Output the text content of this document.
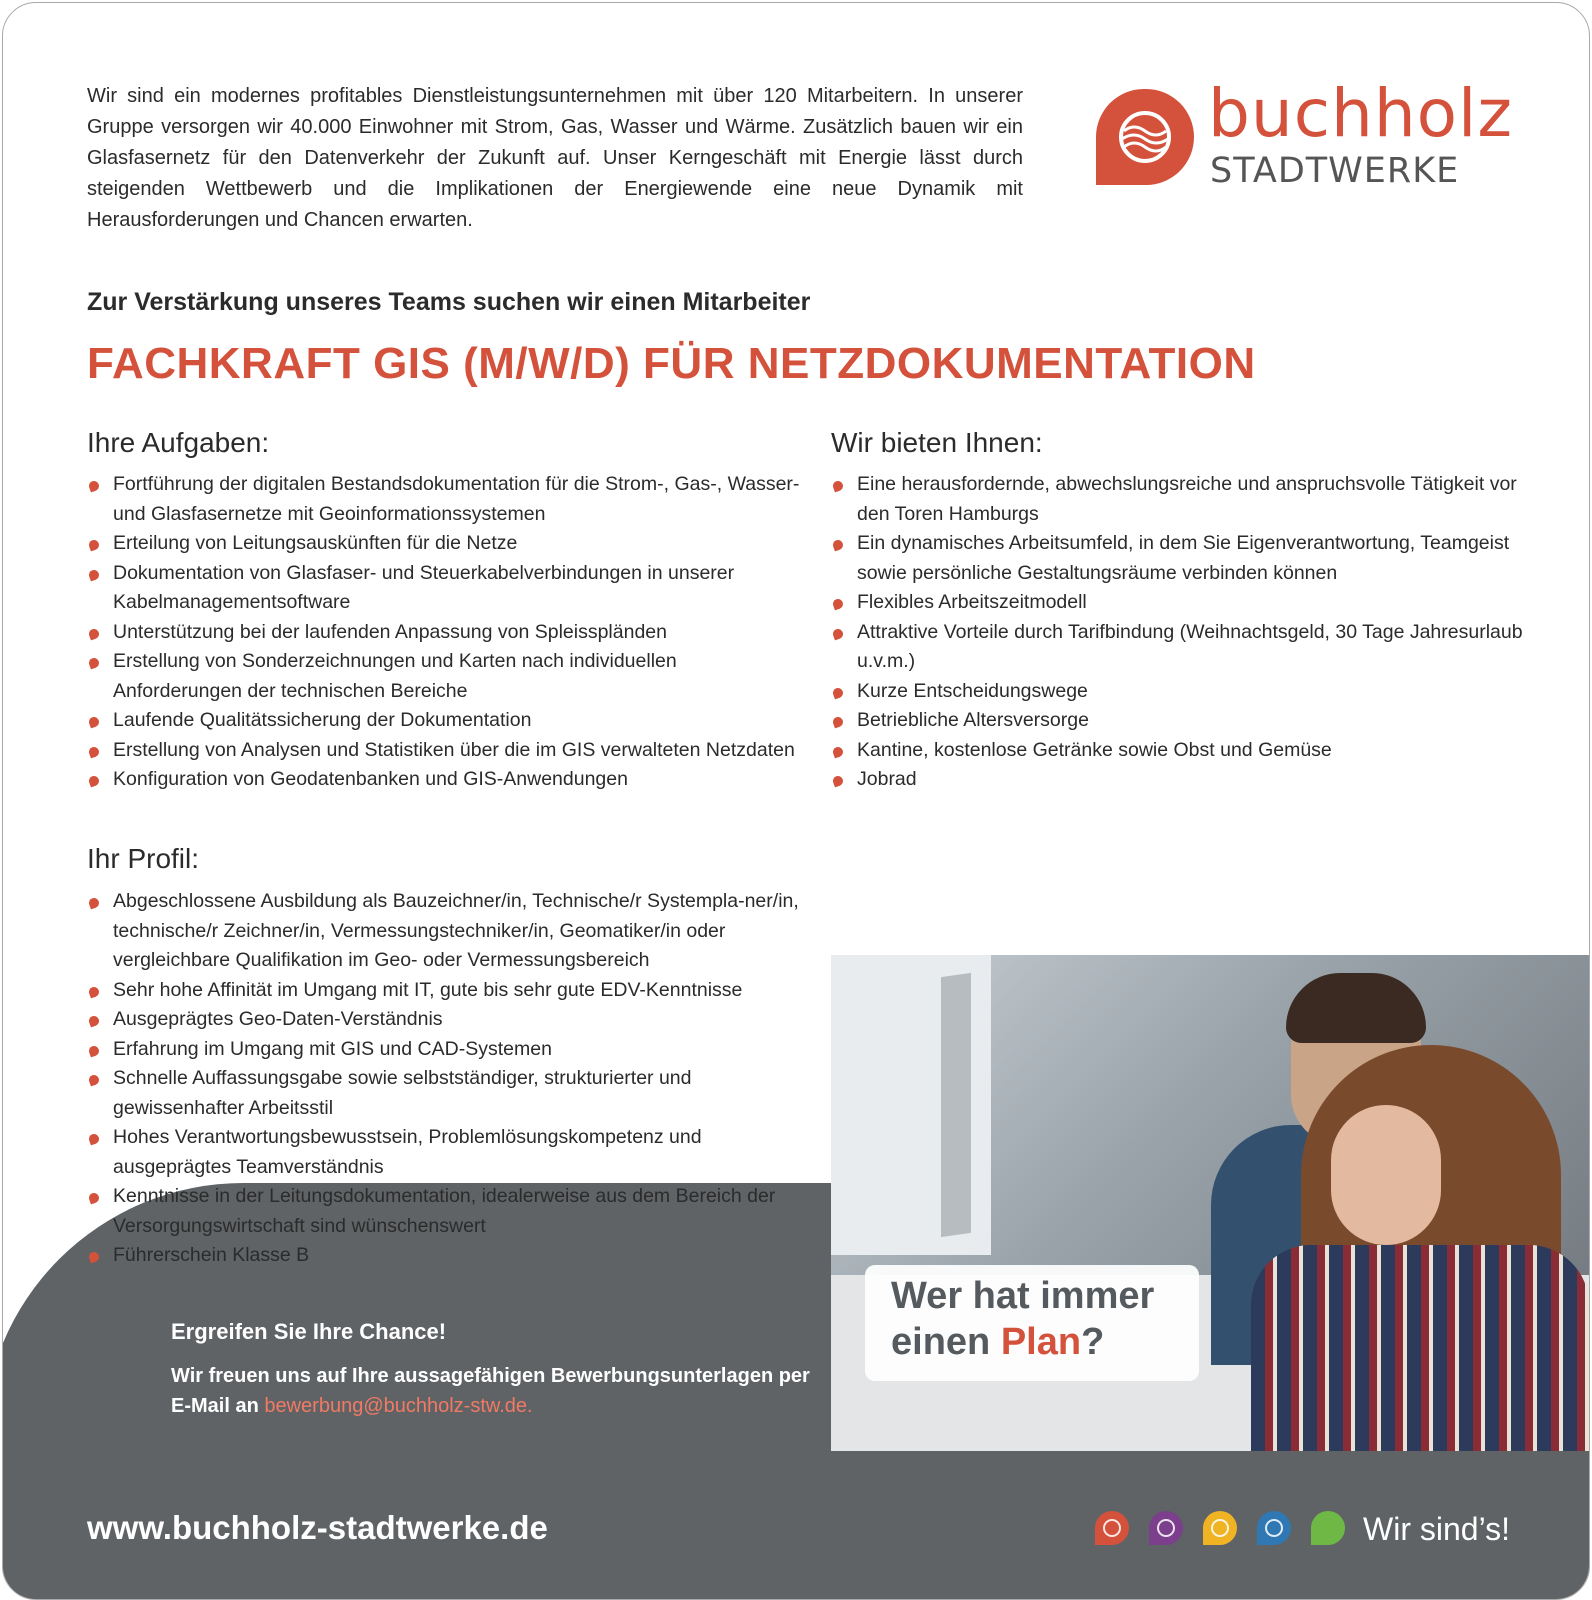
Wir sind ein modernes profitables Dienstleistungsunternehmen mit über 120 Mitarbeitern. In unserer Gruppe versorgen wir 40.000 Einwohner mit Strom, Gas, Wasser und Wärme. Zusätzlich bauen wir ein Glasfasernetz für den Datenverkehr der Zukunft auf. Unser Kerngeschäft mit Energie lässt durch steigenden Wettbewerb und die Implikationen der Energiewende eine neue Dynamik mit Herausforderungen und Chancen erwarten.
buchholz
STADTWERKE
Zur Verstärkung unseres Teams suchen wir einen Mitarbeiter
FACHKRAFT GIS (M/W/D) FÜR NETZDOKUMENTATION
Ihre Aufgaben:
Fortführung der digitalen Bestandsdokumentation für die Strom-, Gas-, Wasser- und Glasfasernetze mit Geoinformationssystemen
Erteilung von Leitungsauskünften für die Netze
Dokumentation von Glasfaser- und Steuerkabelverbindungen in unserer Kabelmanagementsoftware
Unterstützung bei der laufenden Anpassung von Spleisspländen
Erstellung von Sonderzeichnungen und Karten nach individuellen Anforderungen der technischen Bereiche
Laufende Qualitätssicherung der Dokumentation
Erstellung von Analysen und Statistiken über die im GIS verwalteten Netzdaten
Konfiguration von Geodatenbanken und GIS-Anwendungen
Wir bieten Ihnen:
Eine herausfordernde, abwechslungsreiche und anspruchsvolle Tätigkeit vor den Toren Hamburgs
Ein dynamisches Arbeitsumfeld, in dem Sie Eigenverantwortung, Teamgeist sowie persönliche Gestaltungsräume verbinden können
Flexibles Arbeitszeitmodell
Attraktive Vorteile durch Tarifbindung (Weihnachtsgeld, 30 Tage Jahresurlaub u.v.m.)
Kurze Entscheidungswege
Betriebliche Altersversorge
Kantine, kostenlose Getränke sowie Obst und Gemüse
Jobrad
Ihr Profil:
Abgeschlossene Ausbildung als Bauzeichner/in, Technische/r Systempla-ner/in, technische/r Zeichner/in, Vermessungstechniker/in, Geomatiker/in oder vergleichbare Qualifikation im Geo- oder Vermessungsbereich
Sehr hohe Affinität im Umgang mit IT, gute bis sehr gute EDV-Kenntnisse
Ausgeprägtes Geo-Daten-Verständnis
Erfahrung im Umgang mit GIS und CAD-Systemen
Schnelle Auffassungsgabe sowie selbstständiger, strukturierter und gewissenhafter Arbeitsstil
Hohes Verantwortungsbewusstsein, Problemlösungskompetenz und ausgeprägtes Teamverständnis
Kenntnisse in der Leitungsdokumentation, idealerweise aus dem Bereich der Versorgungswirtschaft sind wünschenswert
Führerschein Klasse B
Ergreifen Sie Ihre Chance!
Wir freuen uns auf Ihre aussagefähigen Bewerbungsunterlagen per E-Mail an bewerbung@buchholz-stw.de.
Wer hat immer
einen Plan?
www.buchholz-stadtwerke.de	Wir sind’s!
